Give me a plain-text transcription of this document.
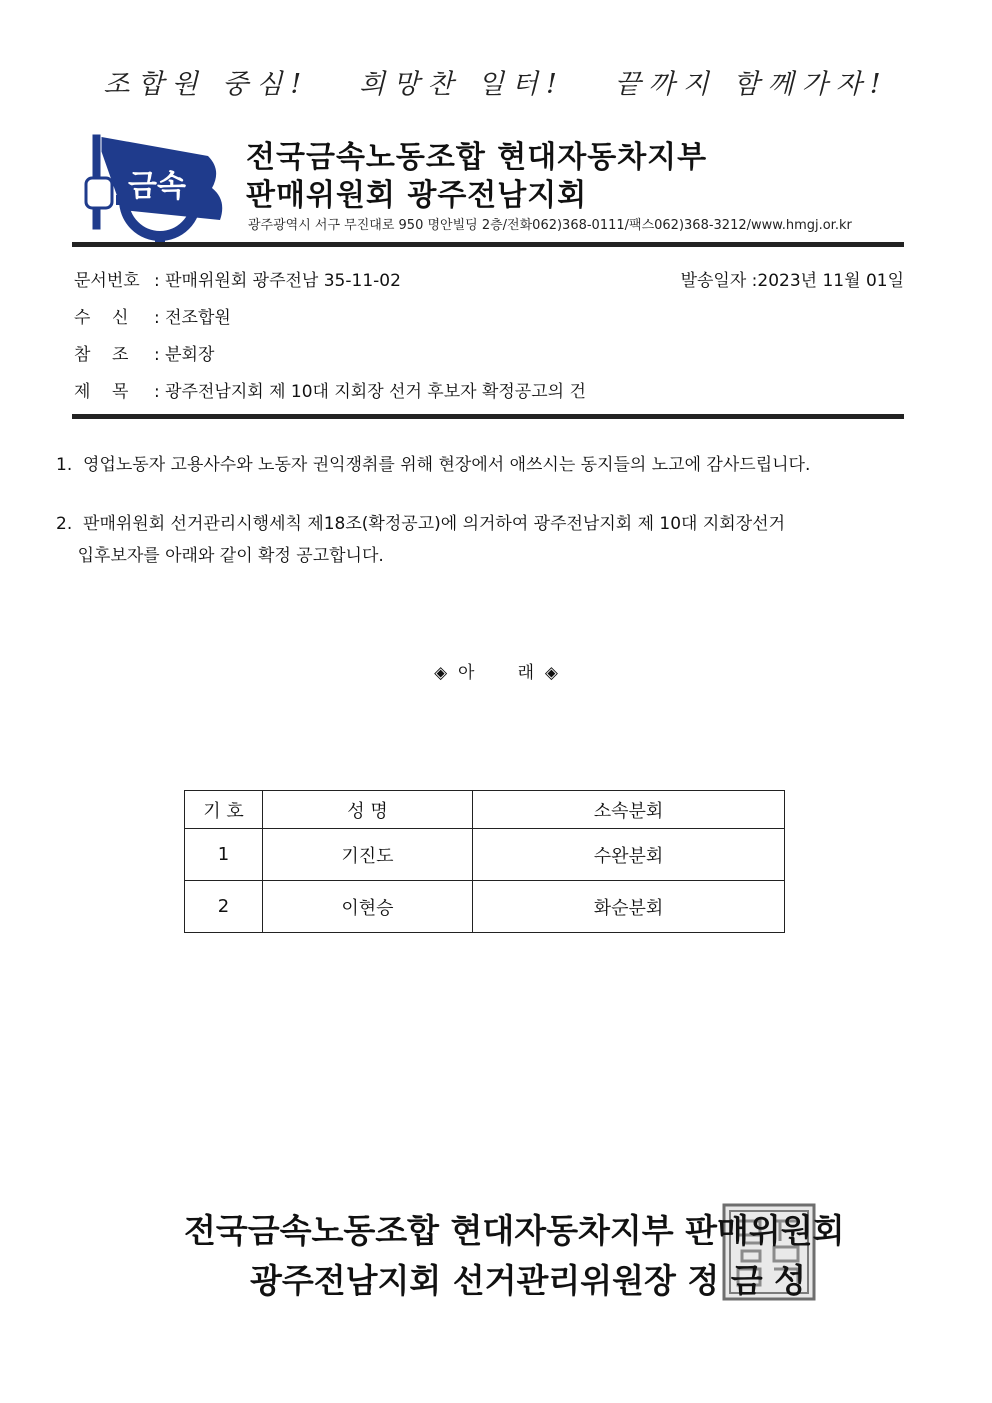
조합원 중심!   희망찬 일터!   끝까지 함께가자!
금속
전국금속노동조합 현대자동차지부
판매위원회 광주전남지회
광주광역시 서구 무진대로 950 명안빌딩 2층/전화062)368-0111/팩스062)368-3212/www.hmgj.or.kr
문서번호 : 판매위원회 광주전남 35-11-02	발송일자 :2023년 11월 01일
수    신 : 전조합원
참    조 : 분회장
제    목 : 광주전남지회 제 10대 지회장 선거 후보자 확정공고의 건
1.  영업노동자 고용사수와 노동자 권익쟁취를 위해 현장에서 애쓰시는 동지들의 노고에 감사드립니다.
2.  판매위원회 선거관리시행세칙 제18조(확정공고)에 의거하여 광주전남지회 제 10대 지회장선거
입후보자를 아래와 같이 확정 공고합니다.
◈  아        래  ◈
기 호	성 명	소속분회
1	기진도	수완분회
2	이현승	화순분회
전국금속노동조합 현대자동차지부 판매위원회
광주전남지회 선거관리위원장 정 금 성
